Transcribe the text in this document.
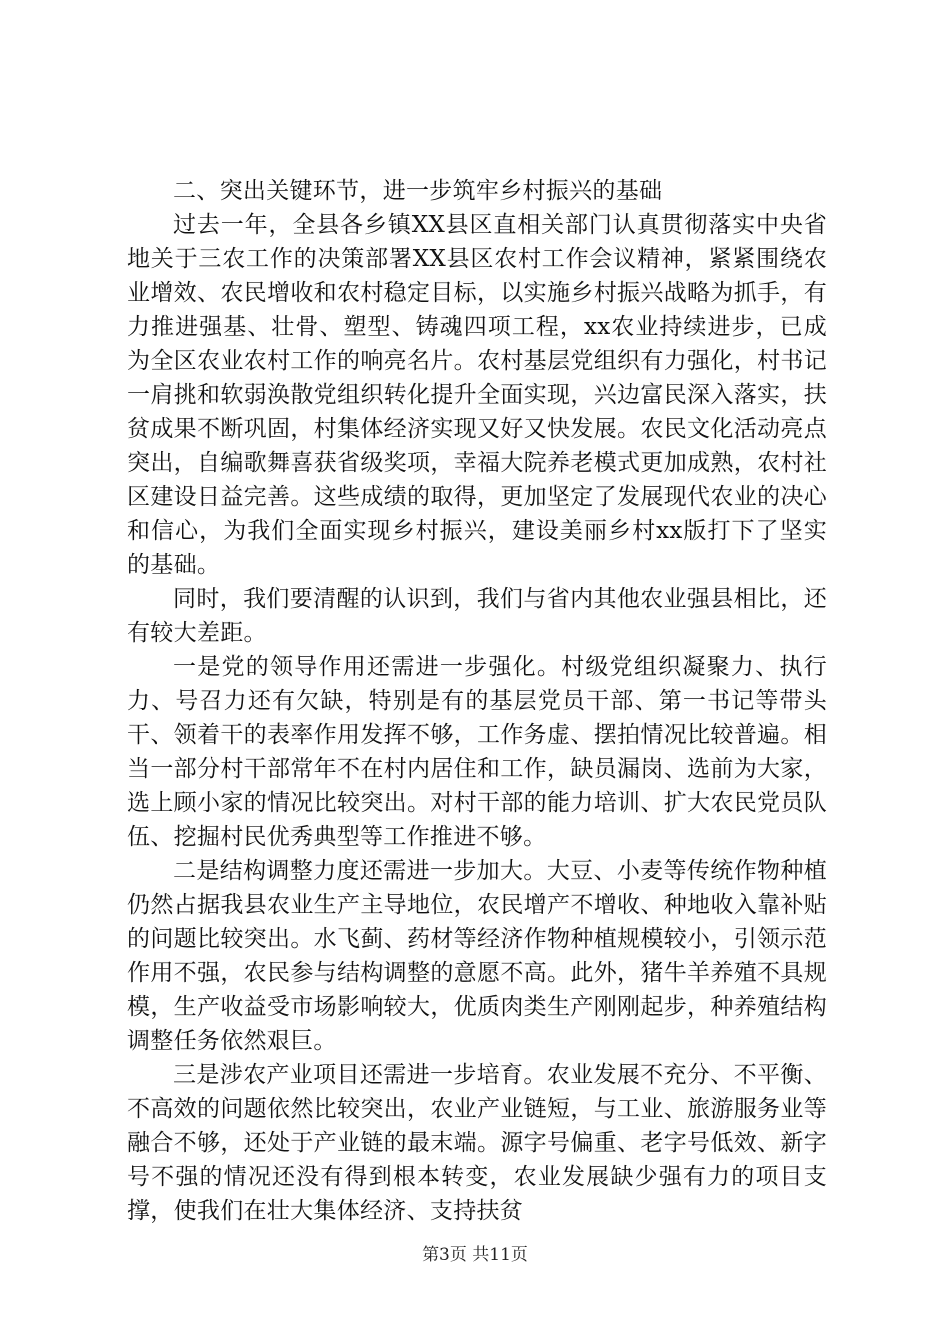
二、突出关键环节，进一步筑牢乡村振兴的基础

过去一年，全县各乡镇XX县区直相关部门认真贯彻落实中央省地关于三农工作的决策部署XX县区农村工作会议精神，紧紧围绕农业增效、农民增收和农村稳定目标，以实施乡村振兴战略为抓手，有力推进强基、壮骨、塑型、铸魂四项工程，xx农业持续进步，已成为全区农业农村工作的响亮名片。农村基层党组织有力强化，村书记一肩挑和软弱涣散党组织转化提升全面实现，兴边富民深入落实，扶贫成果不断巩固，村集体经济实现又好又快发展。农民文化活动亮点突出，自编歌舞喜获省级奖项，幸福大院养老模式更加成熟，农村社区建设日益完善。这些成绩的取得，更加坚定了发展现代农业的决心和信心，为我们全面实现乡村振兴，建设美丽乡村xx版打下了坚实的基础。

同时，我们要清醒的认识到，我们与省内其他农业强县相比，还有较大差距。

一是党的领导作用还需进一步强化。村级党组织凝聚力、执行力、号召力还有欠缺，特别是有的基层党员干部、第一书记等带头干、领着干的表率作用发挥不够，工作务虚、摆拍情况比较普遍。相当一部分村干部常年不在村内居住和工作，缺员漏岗、选前为大家，选上顾小家的情况比较突出。对村干部的能力培训、扩大农民党员队伍、挖掘村民优秀典型等工作推进不够。

二是结构调整力度还需进一步加大。大豆、小麦等传统作物种植仍然占据我县农业生产主导地位，农民增产不增收、种地收入靠补贴的问题比较突出。水飞蓟、药材等经济作物种植规模较小，引领示范作用不强，农民参与结构调整的意愿不高。此外，猪牛羊养殖不具规模，生产收益受市场影响较大，优质肉类生产刚刚起步，种养殖结构调整任务依然艰巨。

三是涉农产业项目还需进一步培育。农业发展不充分、不平衡、不高效的问题依然比较突出，农业产业链短，与工业、旅游服务业等融合不够，还处于产业链的最末端。源字号偏重、老字号低效、新字号不强的情况还没有得到根本转变，农业发展缺少强有力的项目支撑，使我们在壮大集体经济、支持扶贫

第3页 共11页
